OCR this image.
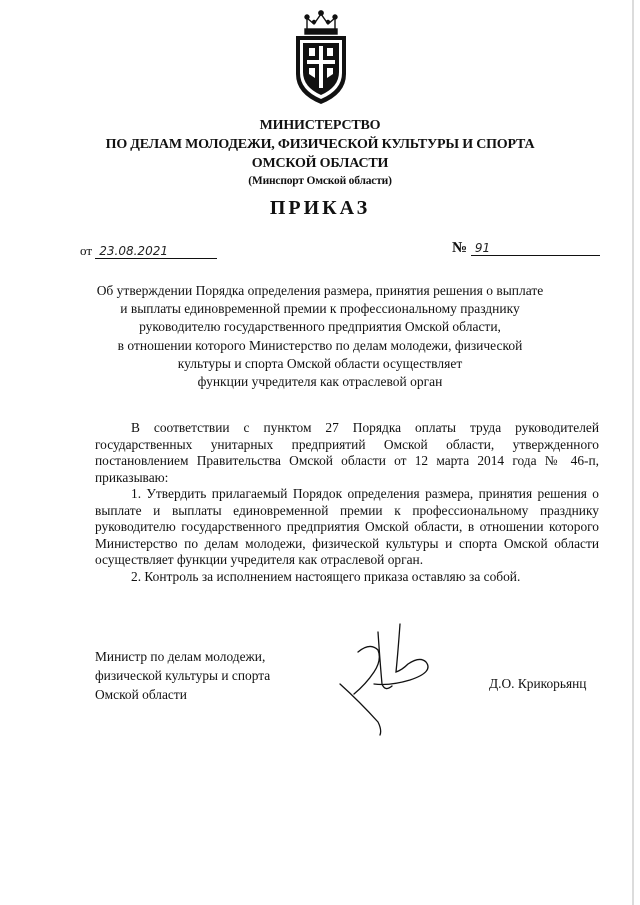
МИНИСТЕРСТВО
ПО ДЕЛАМ МОЛОДЕЖИ, ФИЗИЧЕСКОЙ КУЛЬТУРЫ И СПОРТА
ОМСКОЙ ОБЛАСТИ
(Минспорт Омской области)
ПРИКАЗ
от 23.08.2021	№ 91
Об утверждении Порядка определения размера, принятия решения о выплате
и выплаты единовременной премии к профессиональному празднику
руководителю государственного предприятия Омской области,
в отношении которого Министерство по делам молодежи, физической
культуры и спорта Омской области осуществляет
функции учредителя как отраслевой орган

В соответствии с пунктом 27 Порядка оплаты труда руководителей государственных унитарных предприятий Омской области, утвержденного постановлением Правительства Омской области от 12 марта 2014 года № 46-п, приказываю:

1. Утвердить прилагаемый Порядок определения размера, принятия решения о выплате и выплаты единовременной премии к профессиональному празднику руководителю государственного предприятия Омской области, в отношении которого Министерство по делам молодежи, физической культуры и спорта Омской области осуществляет функции учредителя как отраслевой орган.

2. Контроль за исполнением настоящего приказа оставляю за собой.

Министр по делам молодежи,
физической культуры и спорта
Омской области
Д.О. Крикорьянц
